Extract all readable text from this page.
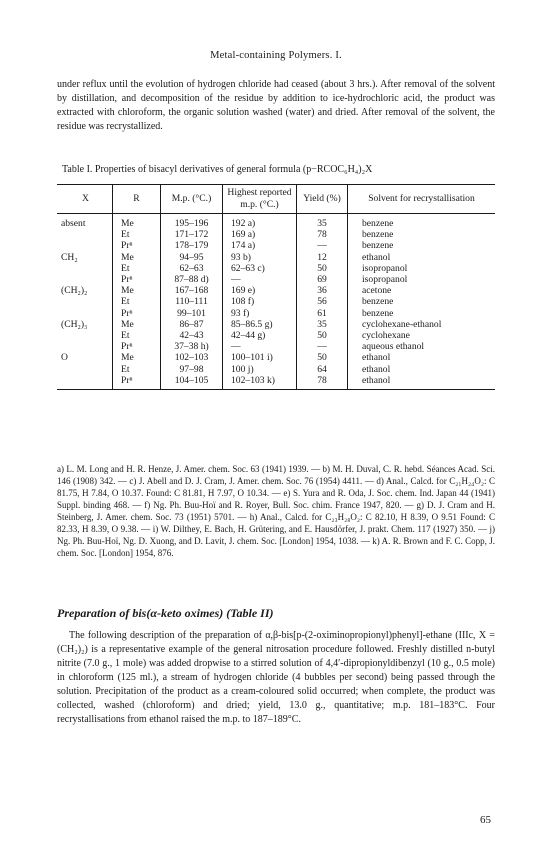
Metal-containing Polymers. I.

under reflux until the evolution of hydrogen chloride had ceased (about 3 hrs.). After removal of the solvent by distillation, and decomposition of the residue by addition to ice-hydrochloric acid, the product was extracted with chloroform, the organic solution washed (water) and dried. After removal of the solvent, the residue was recrystallized.

Table I. Properties of bisacyl derivatives of general formula (p−RCOC₆H₄)₂X
X	R	M.p. (°C.)	Highest reported m.p. (°C.)	Yield (%)	Solvent for recrystallisation
absent	Me	195–196	192 a)	35	benzene
	Et	171–172	169 a)	78	benzene
	Prⁿ	178–179	174 a)	—	benzene
CH₂	Me	94–95	93 b)	12	ethanol
	Et	62–63	62–63 c)	50	isopropanol
	Prⁿ	87–88 d)	—	69	isopropanol
(CH₂)₂	Me	167–168	169 e)	36	acetone
	Et	110–111	108 f)	56	benzene
	Prⁿ	99–101	93 f)	61	benzene
(CH₂)₃	Me	86–87	85–86.5 g)	35	cyclohexane-ethanol
	Et	42–43	42–44 g)	50	cyclohexane
	Prⁿ	37–38 h)	—	—	aqueous ethanol
O	Me	102–103	100–101 i)	50	ethanol
	Et	97–98	100 j)	64	ethanol
	Prⁿ	104–105	102–103 k)	78	ethanol

a) L. M. Long and H. R. Henze, J. Amer. chem. Soc. 63 (1941) 1939. — b) M. H. Duval, C. R. hebd. Séances Acad. Sci. 146 (1908) 342. — c) J. Abell and D. J. Cram, J. Amer. chem. Soc. 76 (1954) 4411. — d) Anal., Calcd. for C₂₁H₂₄O₂: C 81.75, H 7.84, O 10.37. Found: C 81.81, H 7.97, O 10.34. — e) S. Yura and R. Oda, J. Soc. chem. Ind. Japan 44 (1941) Suppl. binding 468. — f) Ng. Ph. Buu-Hoï and R. Royer, Bull. Soc. chim. France 1947, 820. — g) D. J. Cram and H. Steinberg, J. Amer. chem. Soc. 73 (1951) 5701. — h) Anal., Calcd. for C₂₃H₂₈O₂: C 82.10, H 8.39, O 9.51 Found: C 82.33, H 8.39, O 9.38. — i) W. Dilthey, E. Bach, H. Grütering, and E. Hausdörfer, J. prakt. Chem. 117 (1927) 350. — j) Ng. Ph. Buu-Hoï, Ng. D. Xuong, and D. Lavit, J. chem. Soc. [London] 1954, 1038. — k) A. R. Brown and F. C. Copp, J. chem. Soc. [London] 1954, 876.

Preparation of bis(α-keto oximes) (Table II)

The following description of the preparation of α,β-bis[p-(2-oximinopropionyl)phenyl]-ethane (IIIc, X = (CH₂)₂) is a representative example of the general nitrosation procedure followed. Freshly distilled n-butyl nitrite (7.0 g., 1 mole) was added dropwise to a stirred solution of 4,4′-dipropionyldibenzyl (10 g., 0.5 mole) in chloroform (125 ml.), a stream of hydrogen chloride (4 bubbles per second) being passed through the solution. Precipitation of the product as a cream-coloured solid occurred; when complete, the product was collected, washed (chloroform) and dried; yield, 13.0 g., quantitative; m.p. 181–183°C. Four recrystallisations from ethanol raised the m.p. to 187–189°C.

65
